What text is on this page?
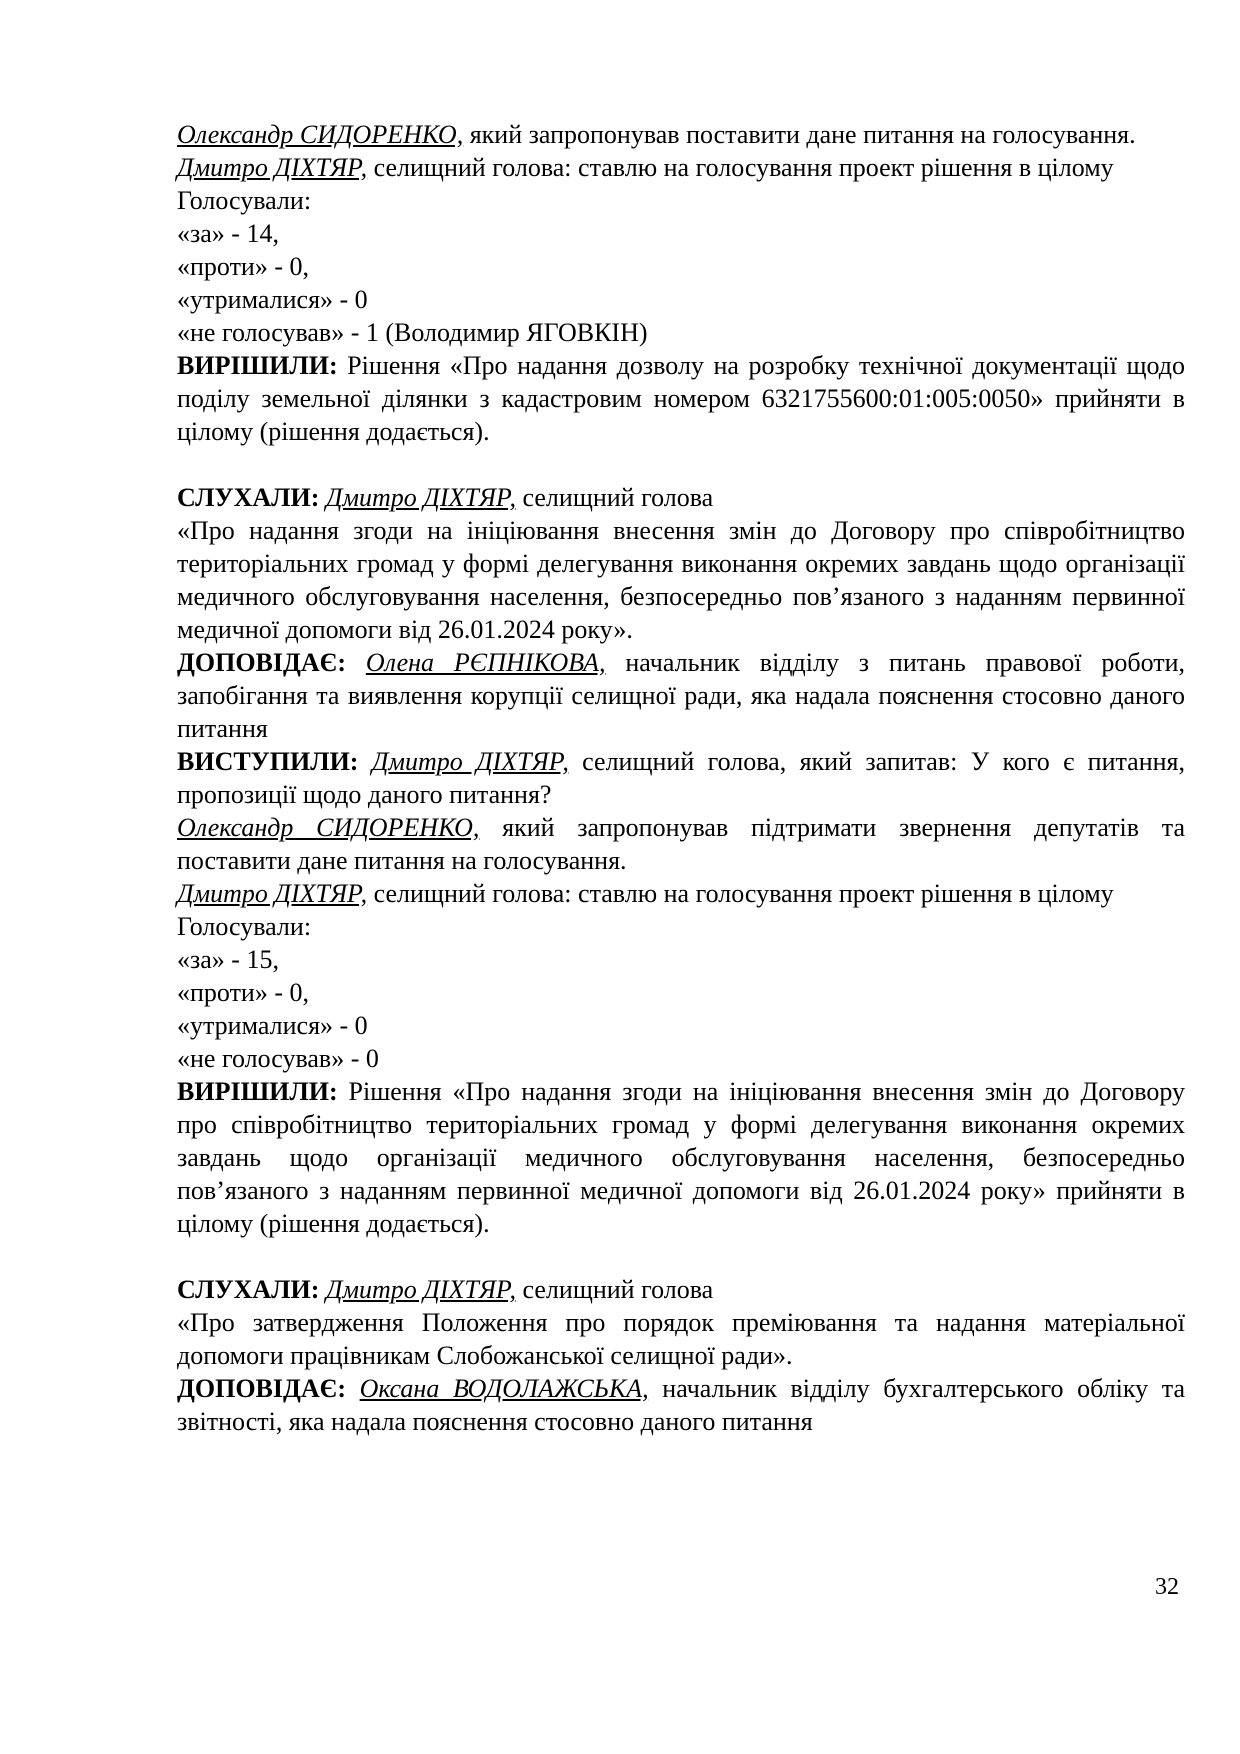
Олександр СИДОРЕНКО, який запропонував поставити дане питання на голосування.
Дмитро ДІХТЯР, селищний голова: ставлю на голосування проект рішення в цілому
Голосували:
«за» - 14,
«проти» - 0,
«утрималися» - 0
«не голосував» - 1 (Володимир ЯГОВКІН)
ВИРІШИЛИ: Рішення «Про надання дозволу на розробку технічної документації щодо поділу земельної ділянки з кадастровим номером 6321755600:01:005:0050» прийняти в цілому (рішення додається).
СЛУХАЛИ: Дмитро ДІХТЯР, селищний голова
«Про надання згоди на ініціювання внесення змін до Договору про співробітництво територіальних громад у формі делегування виконання окремих завдань щодо організації медичного обслуговування населення, безпосередньо пов’язаного з наданням первинної медичної допомоги від 26.01.2024 року».
ДОПОВІДАЄ: Олена РЄПНІКОВА, начальник відділу з питань правової роботи, запобігання та виявлення корупції селищної ради, яка надала пояснення стосовно даного питання
ВИСТУПИЛИ: Дмитро ДІХТЯР, селищний голова, який запитав: У кого є питання, пропозиції щодо даного питання?
Олександр СИДОРЕНКО, який запропонував підтримати звернення депутатів та поставити дане питання на голосування.
Дмитро ДІХТЯР, селищний голова: ставлю на голосування проект рішення в цілому
Голосували:
«за» - 15,
«проти» - 0,
«утрималися» - 0
«не голосував» - 0
ВИРІШИЛИ: Рішення «Про надання згоди на ініціювання внесення змін до Договору про співробітництво територіальних громад у формі делегування виконання окремих завдань щодо організації медичного обслуговування населення, безпосередньо пов’язаного з наданням первинної медичної допомоги від 26.01.2024 року» прийняти в цілому (рішення додається).
СЛУХАЛИ: Дмитро ДІХТЯР, селищний голова
«Про затвердження Положення про порядок преміювання та надання матеріальної допомоги працівникам Слобожанської селищної ради».
ДОПОВІДАЄ: Оксана ВОДОЛАЖСЬКА, начальник відділу бухгалтерського обліку та звітності, яка надала пояснення стосовно даного питання
32
